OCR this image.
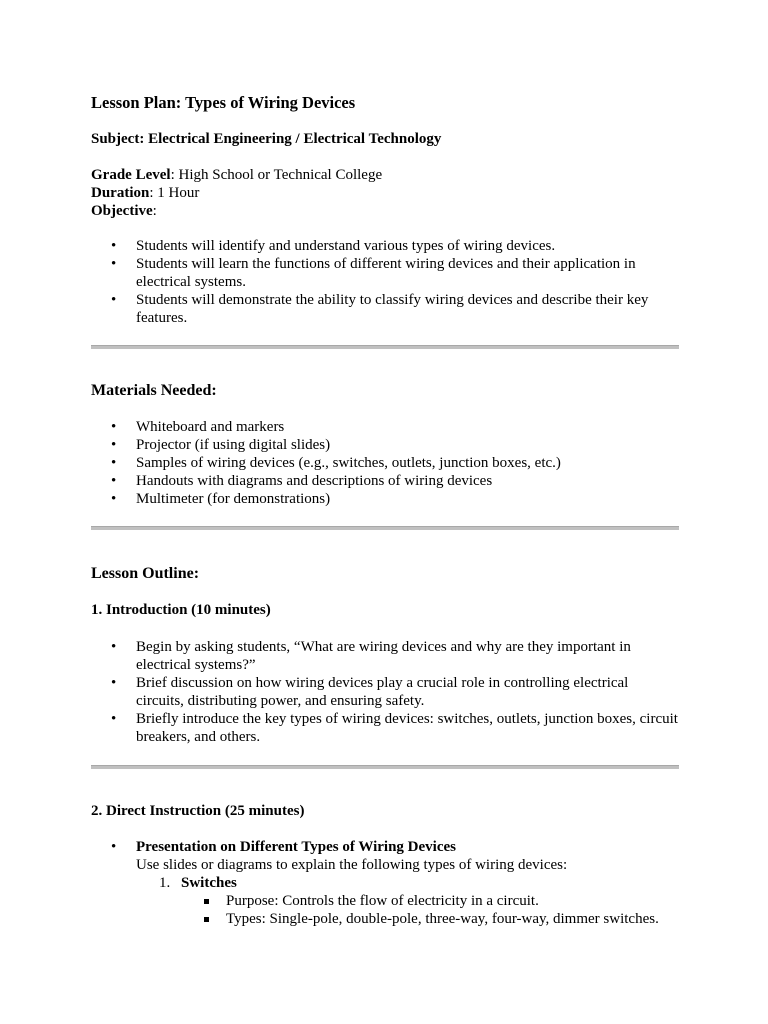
Lesson Plan: Types of Wiring Devices

Subject: Electrical Engineering / Electrical Technology

Grade Level: High School or Technical College

Duration: 1 Hour

Objective:

• Students will identify and understand various types of wiring devices.
• Students will learn the functions of different wiring devices and their application in electrical systems.
• Students will demonstrate the ability to classify wiring devices and describe their key features.
Materials Needed:
• Whiteboard and markers
• Projector (if using digital slides)
• Samples of wiring devices (e.g., switches, outlets, junction boxes, etc.)
• Handouts with diagrams and descriptions of wiring devices
• Multimeter (for demonstrations)
Lesson Outline:

1. Introduction (10 minutes)

• Begin by asking students, “What are wiring devices and why are they important in electrical systems?”
• Brief discussion on how wiring devices play a crucial role in controlling electrical circuits, distributing power, and ensuring safety.
• Briefly introduce the key types of wiring devices: switches, outlets, junction boxes, circuit breakers, and others.

2. Direct Instruction (25 minutes)

• Presentation on Different Types of Wiring Devices
Use slides or diagrams to explain the following types of wiring devices:
1. Switches
Purpose: Controls the flow of electricity in a circuit.
Types: Single-pole, double-pole, three-way, four-way, dimmer switches.
